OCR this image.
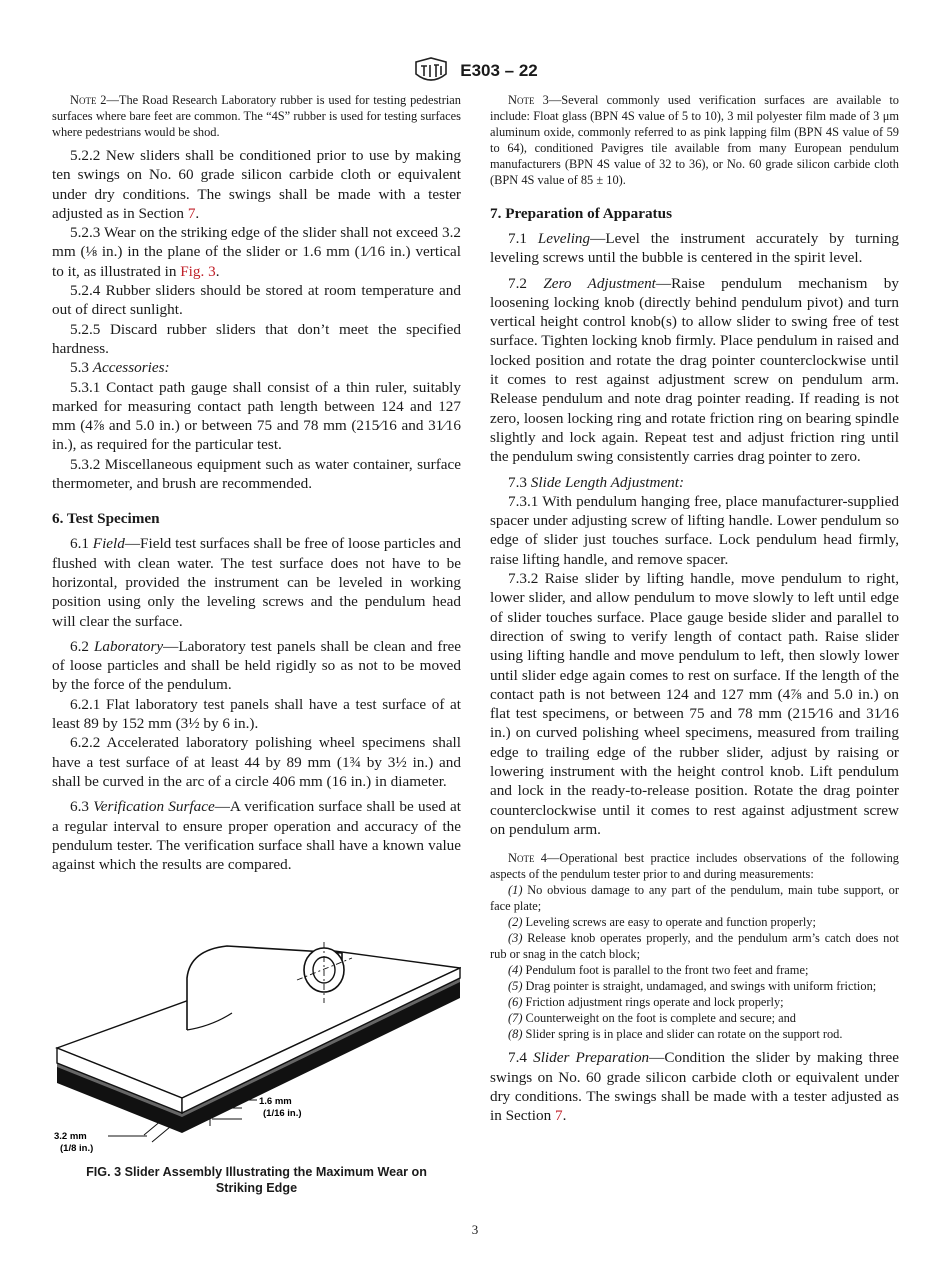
E303 – 22

Note 2—The Road Research Laboratory rubber is used for testing pedestrian surfaces where bare feet are common. The “4S” rubber is used for testing surfaces where pedestrians would be shod.

5.2.2 New sliders shall be conditioned prior to use by making ten swings on No. 60 grade silicon carbide cloth or equivalent under dry conditions. The swings shall be made with a tester adjusted as in Section 7.

5.2.3 Wear on the striking edge of the slider shall not exceed 3.2 mm (⅛ in.) in the plane of the slider or 1.6 mm (1⁄16 in.) vertical to it, as illustrated in Fig. 3.

5.2.4 Rubber sliders should be stored at room temperature and out of direct sunlight.

5.2.5 Discard rubber sliders that don’t meet the specified hardness.

5.3 Accessories:

5.3.1 Contact path gauge shall consist of a thin ruler, suitably marked for measuring contact path length between 124 and 127 mm (4⅞ and 5.0 in.) or between 75 and 78 mm (215⁄16 and 31⁄16 in.), as required for the particular test.

5.3.2 Miscellaneous equipment such as water container, surface thermometer, and brush are recommended.

6. Test Specimen

6.1 Field—Field test surfaces shall be free of loose particles and flushed with clean water. The test surface does not have to be horizontal, provided the instrument can be leveled in working position using only the leveling screws and the pendulum head will clear the surface.

6.2 Laboratory—Laboratory test panels shall be clean and free of loose particles and shall be held rigidly so as not to be moved by the force of the pendulum.

6.2.1 Flat laboratory test panels shall have a test surface of at least 89 by 152 mm (3½ by 6 in.).

6.2.2 Accelerated laboratory polishing wheel specimens shall have a test surface of at least 44 by 89 mm (1¾ by 3½ in.) and shall be curved in the arc of a circle 406 mm (16 in.) in diameter.

6.3 Verification Surface—A verification surface shall be used at a regular interval to ensure proper operation and accuracy of the pendulum tester. The verification surface shall have a known value against which the results are compared.

1.6 mm
(1/16 in.)
3.2 mm
(1/8 in.)
FIG. 3 Slider Assembly Illustrating the Maximum Wear on
Striking Edge

Note 3—Several commonly used verification surfaces are available to include: Float glass (BPN 4S value of 5 to 10), 3 mil polyester film made of 3 μm aluminum oxide, commonly referred to as pink lapping film (BPN 4S value of 59 to 64), conditioned Pavigres tile available from many European pendulum manufacturers (BPN 4S value of 32 to 36), or No. 60 grade silicon carbide cloth (BPN 4S value of 85 ± 10).

7. Preparation of Apparatus

7.1 Leveling—Level the instrument accurately by turning leveling screws until the bubble is centered in the spirit level.

7.2 Zero Adjustment—Raise pendulum mechanism by loosening locking knob (directly behind pendulum pivot) and turn vertical height control knob(s) to allow slider to swing free of test surface. Tighten locking knob firmly. Place pendulum in raised and locked position and rotate the drag pointer counterclockwise until it comes to rest against adjustment screw on pendulum arm. Release pendulum and note drag pointer reading. If reading is not zero, loosen locking ring and rotate friction ring on bearing spindle slightly and lock again. Repeat test and adjust friction ring until the pendulum swing consistently carries drag pointer to zero.

7.3 Slide Length Adjustment:

7.3.1 With pendulum hanging free, place manufacturer-supplied spacer under adjusting screw of lifting handle. Lower pendulum so edge of slider just touches surface. Lock pendulum head firmly, raise lifting handle, and remove spacer.

7.3.2 Raise slider by lifting handle, move pendulum to right, lower slider, and allow pendulum to move slowly to left until edge of slider touches surface. Place gauge beside slider and parallel to direction of swing to verify length of contact path. Raise slider using lifting handle and move pendulum to left, then slowly lower until slider edge again comes to rest on surface. If the length of the contact path is not between 124 and 127 mm (4⅞ and 5.0 in.) on flat test specimens, or between 75 and 78 mm (215⁄16 and 31⁄16 in.) on curved polishing wheel specimens, measured from trailing edge to trailing edge of the rubber slider, adjust by raising or lowering instrument with the height control knob. Lift pendulum and lock in the ready-to-release position. Rotate the drag pointer counterclockwise until it comes to rest against adjustment screw on pendulum arm.

Note 4—Operational best practice includes observations of the following aspects of the pendulum tester prior to and during measurements:

(1) No obvious damage to any part of the pendulum, main tube support, or face plate;

(2) Leveling screws are easy to operate and function properly;

(3) Release knob operates properly, and the pendulum arm’s catch does not rub or snag in the catch block;

(4) Pendulum foot is parallel to the front two feet and frame;

(5) Drag pointer is straight, undamaged, and swings with uniform friction;

(6) Friction adjustment rings operate and lock properly;

(7) Counterweight on the foot is complete and secure; and

(8) Slider spring is in place and slider can rotate on the support rod.

7.4 Slider Preparation—Condition the slider by making three swings on No. 60 grade silicon carbide cloth or equivalent under dry conditions. The swings shall be made with a tester adjusted as in Section 7.

3
